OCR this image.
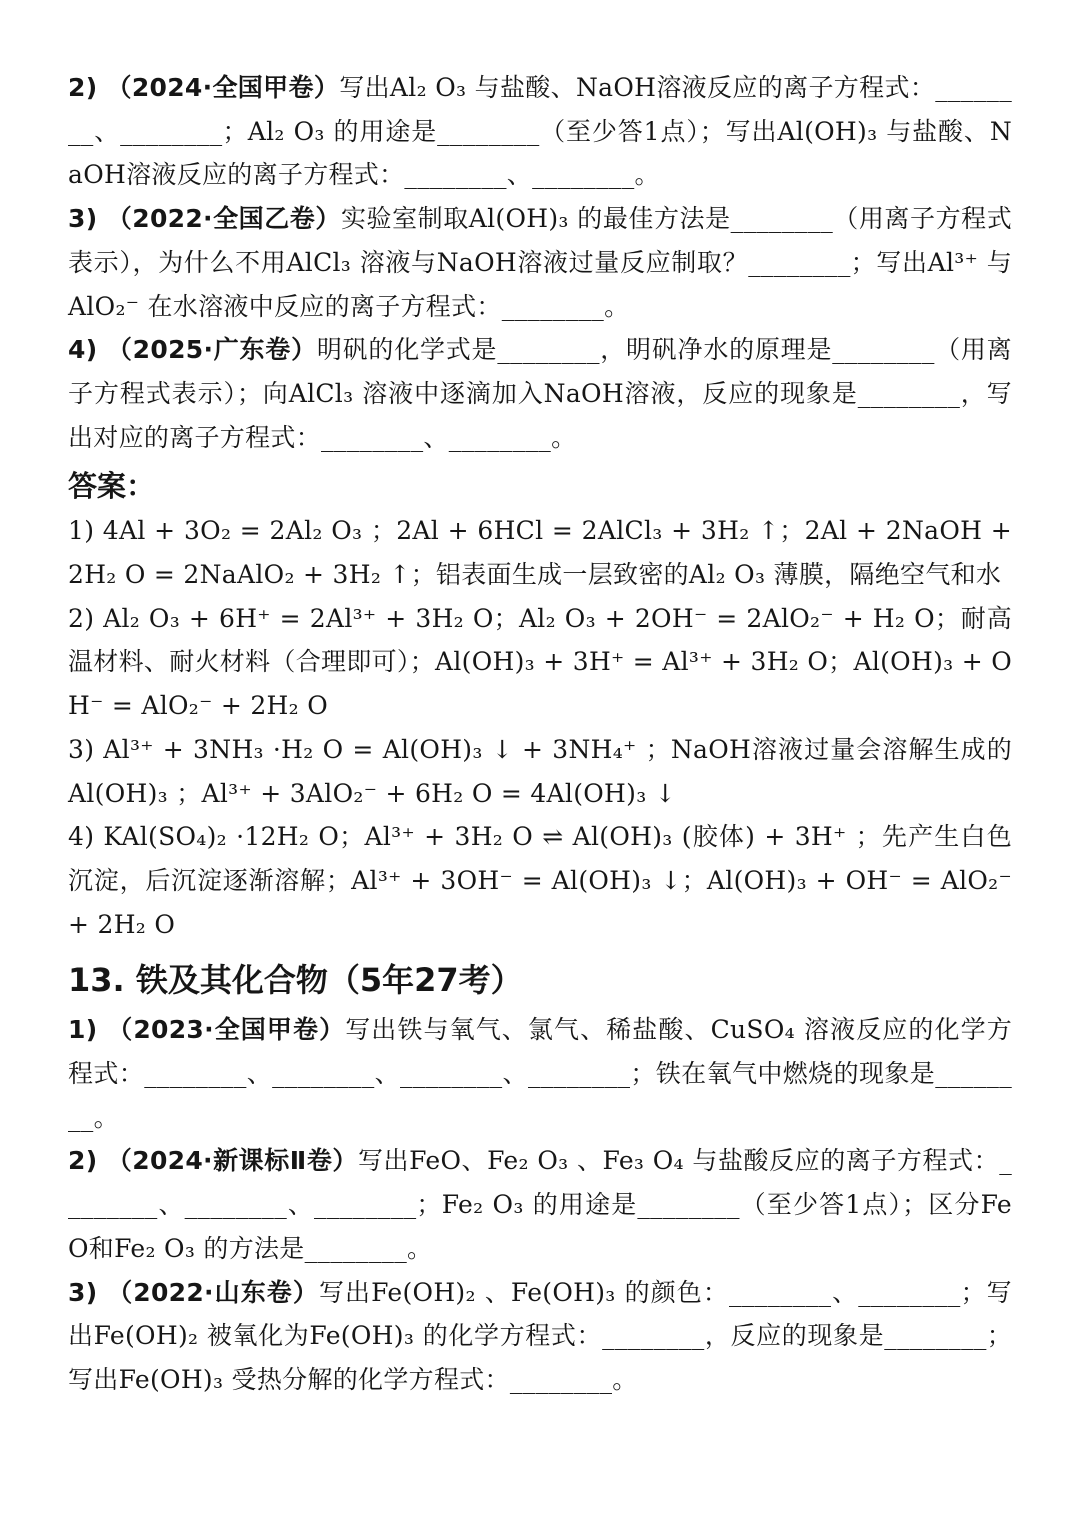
2) （2024·全国甲卷）写出Al₂ O₃ 与盐酸、NaOH溶液反应的离子方程式：________、________；Al₂ O₃ 的用途是________（至少答1点）；写出Al(OH)₃ 与盐酸、NaOH溶液反应的离子方程式：________、________。

3) （2022·全国乙卷）实验室制取Al(OH)₃ 的最佳方法是________（用离子方程式表示），为什么不用AlCl₃ 溶液与NaOH溶液过量反应制取？________；写出Al³⁺ 与AlO₂⁻ 在水溶液中反应的离子方程式：________。

4) （2025·广东卷）明矾的化学式是________，明矾净水的原理是________（用离子方程式表示）；向AlCl₃ 溶液中逐滴加入NaOH溶液，反应的现象是________，写出对应的离子方程式：________、________。

答案：

1) 4Al + 3O₂ = 2Al₂ O₃ ；2Al + 6HCl = 2AlCl₃ + 3H₂ ↑；2Al + 2NaOH + 2H₂ O = 2NaAlO₂ + 3H₂ ↑；铝表面生成一层致密的Al₂ O₃ 薄膜，隔绝空气和水

2) Al₂ O₃ + 6H⁺ = 2Al³⁺ + 3H₂ O；Al₂ O₃ + 2OH⁻ = 2AlO₂⁻ + H₂ O；耐高温材料、耐火材料（合理即可）；Al(OH)₃ + 3H⁺ = Al³⁺ + 3H₂ O；Al(OH)₃ + OH⁻ = AlO₂⁻ + 2H₂ O

3) Al³⁺ + 3NH₃ ·H₂ O = Al(OH)₃ ↓ + 3NH₄⁺ ；NaOH溶液过量会溶解生成的Al(OH)₃ ；Al³⁺ + 3AlO₂⁻ + 6H₂ O = 4Al(OH)₃ ↓

4) KAl(SO₄)₂ ·12H₂ O；Al³⁺ + 3H₂ O ⇌ Al(OH)₃ (胶体) + 3H⁺ ；先产生白色沉淀，后沉淀逐渐溶解；Al³⁺ + 3OH⁻ = Al(OH)₃ ↓；Al(OH)₃ + OH⁻ = AlO₂⁻ + 2H₂ O

13. 铁及其化合物（5年27考）

1) （2023·全国甲卷）写出铁与氧气、氯气、稀盐酸、CuSO₄ 溶液反应的化学方程式：________、________、________、________；铁在氧气中燃烧的现象是________。

2) （2024·新课标Ⅱ卷）写出FeO、Fe₂ O₃ 、Fe₃ O₄ 与盐酸反应的离子方程式：________、________、________；Fe₂ O₃ 的用途是________（至少答1点）；区分FeO和Fe₂ O₃ 的方法是________。

3) （2022·山东卷）写出Fe(OH)₂ 、Fe(OH)₃ 的颜色：________、________；写出Fe(OH)₂ 被氧化为Fe(OH)₃ 的化学方程式：________，反应的现象是________；写出Fe(OH)₃ 受热分解的化学方程式：________。
